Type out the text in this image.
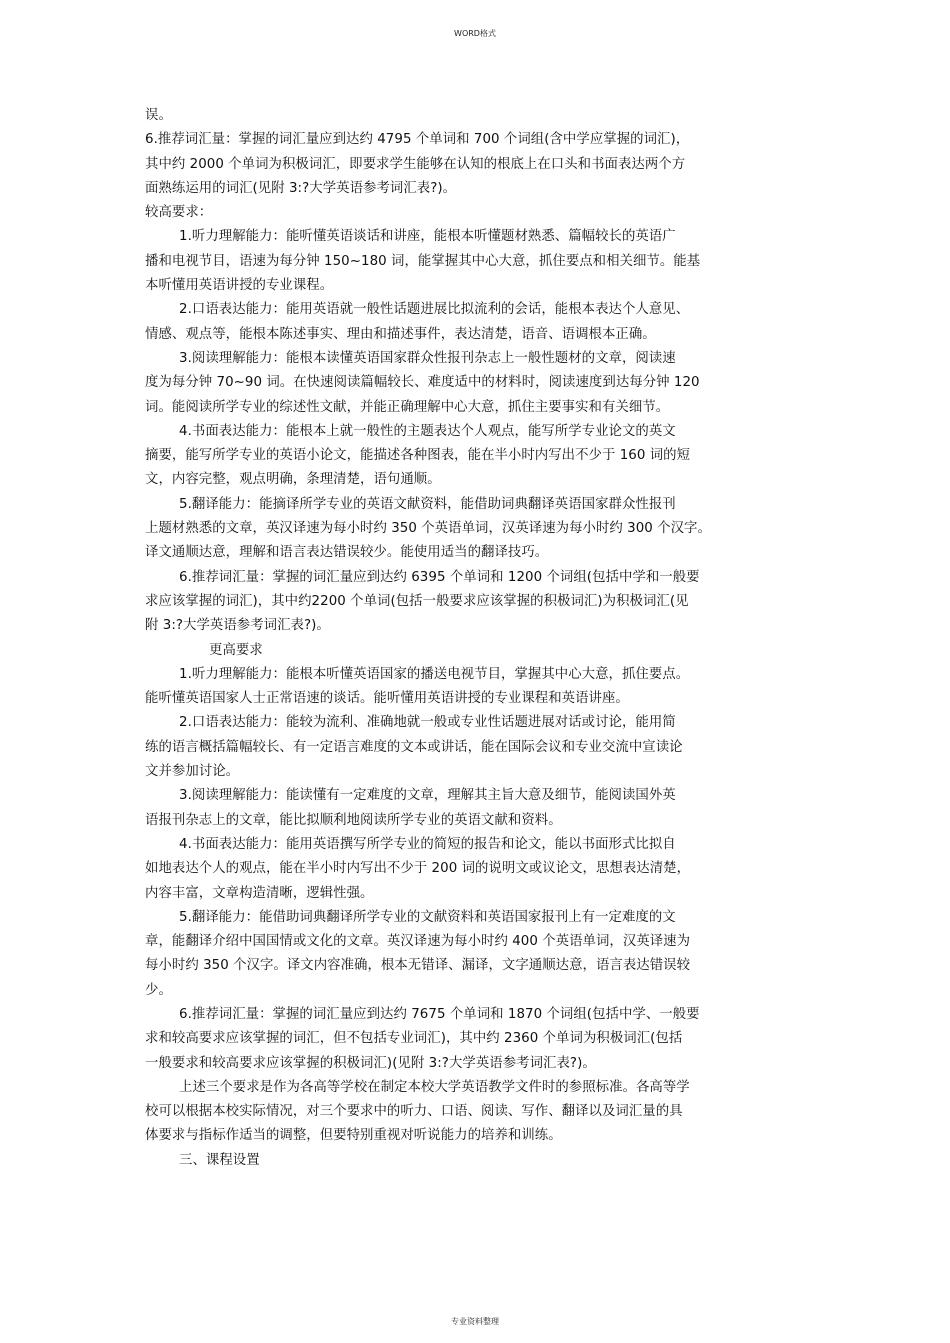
WORD格式
误。
6.推荐词汇量：掌握的词汇量应到达约 4795 个单词和 700 个词组(含中学应掌握的词汇)，
其中约 2000 个单词为积极词汇，即要求学生能够在认知的根底上在口头和书面表达两个方
面熟练运用的词汇(见附 3:?大学英语参考词汇表?)。
较高要求：
1.听力理解能力：能听懂英语谈话和讲座，能根本听懂题材熟悉、篇幅较长的英语广
播和电视节目，语速为每分钟 150~180 词，能掌握其中心大意，抓住要点和相关细节。能基
本听懂用英语讲授的专业课程。
2.口语表达能力：能用英语就一般性话题进展比拟流利的会话，能根本表达个人意见、
情感、观点等，能根本陈述事实、理由和描述事件，表达清楚，语音、语调根本正确。
3.阅读理解能力：能根本读懂英语国家群众性报刊杂志上一般性题材的文章，阅读速
度为每分钟 70~90 词。在快速阅读篇幅较长、难度适中的材料时，阅读速度到达每分钟 120
词。能阅读所学专业的综述性文献，并能正确理解中心大意，抓住主要事实和有关细节。
4.书面表达能力：能根本上就一般性的主题表达个人观点，能写所学专业论文的英文
摘要，能写所学专业的英语小论文，能描述各种图表，能在半小时内写出不少于 160 词的短
文，内容完整，观点明确，条理清楚，语句通顺。
5.翻译能力：能摘译所学专业的英语文献资料，能借助词典翻译英语国家群众性报刊
上题材熟悉的文章，英汉译速为每小时约 350 个英语单词，汉英译速为每小时约 300 个汉字。
译文通顺达意，理解和语言表达错误较少。能使用适当的翻译技巧。
6.推荐词汇量：掌握的词汇量应到达约 6395 个单词和 1200 个词组(包括中学和一般要
求应该掌握的词汇)，其中约2200 个单词(包括一般要求应该掌握的积极词汇)为积极词汇(见
附 3:?大学英语参考词汇表?)。
更高要求
1.听力理解能力：能根本听懂英语国家的播送电视节目，掌握其中心大意，抓住要点。
能听懂英语国家人士正常语速的谈话。能听懂用英语讲授的专业课程和英语讲座。
2.口语表达能力：能较为流利、准确地就一般或专业性话题进展对话或讨论，能用简
练的语言概括篇幅较长、有一定语言难度的文本或讲话，能在国际会议和专业交流中宣读论
文并参加讨论。
3.阅读理解能力：能读懂有一定难度的文章，理解其主旨大意及细节，能阅读国外英
语报刊杂志上的文章，能比拟顺利地阅读所学专业的英语文献和资料。
4.书面表达能力：能用英语撰写所学专业的简短的报告和论文，能以书面形式比拟自
如地表达个人的观点，能在半小时内写出不少于 200 词的说明文或议论文，思想表达清楚，
内容丰富，文章构造清晰，逻辑性强。
5.翻译能力：能借助词典翻译所学专业的文献资料和英语国家报刊上有一定难度的文
章，能翻译介绍中国国情或文化的文章。英汉译速为每小时约 400 个英语单词，汉英译速为
每小时约 350 个汉字。译文内容准确，根本无错译、漏译，文字通顺达意，语言表达错误较
少。
6.推荐词汇量：掌握的词汇量应到达约 7675 个单词和 1870 个词组(包括中学、一般要
求和较高要求应该掌握的词汇，但不包括专业词汇)，其中约 2360 个单词为积极词汇(包括
一般要求和较高要求应该掌握的积极词汇)(见附 3:?大学英语参考词汇表?)。
上述三个要求是作为各高等学校在制定本校大学英语教学文件时的参照标准。各高等学
校可以根据本校实际情况，对三个要求中的听力、口语、阅读、写作、翻译以及词汇量的具
体要求与指标作适当的调整，但要特别重视对听说能力的培养和训练。
三、课程设置
专业资料整理
